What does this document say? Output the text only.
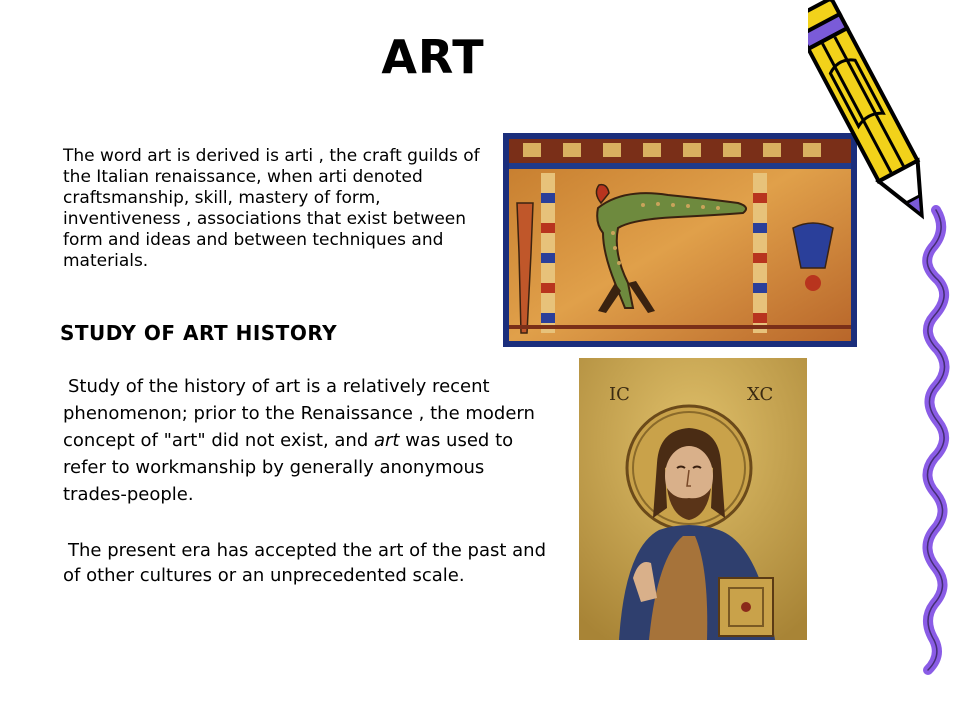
ART

The word art is derived is arti , the craft guilds of the Italian renaissance, when arti denoted craftsmanship, skill, mastery of form, inventiveness , associations that exist between form and ideas and between techniques and materials.

STUDY OF ART HISTORY

Study of the history of art is a relatively recent phenomenon; prior to the Renaissance , the modern concept of "art" did not exist, and art was used to refer to workmanship by generally anonymous trades-people.

The present era has accepted the art of the past and of other cultures or an unprecedented scale.

IC	XC
